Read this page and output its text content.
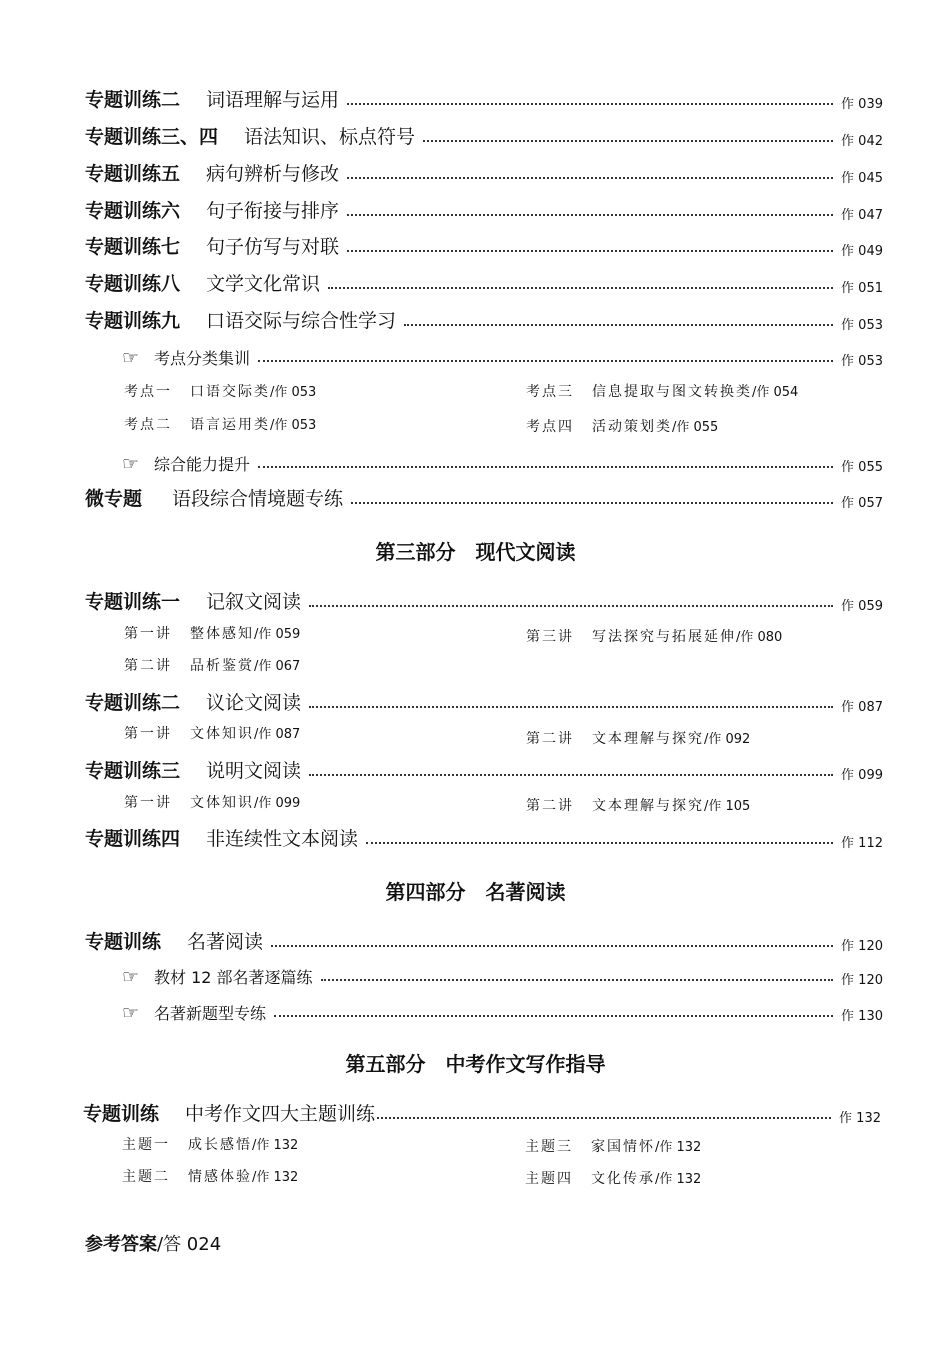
专题训练二 词语理解与运用	作 039
专题训练三、四 语法知识、标点符号	作 042
专题训练五 病句辨析与修改	作 045
专题训练六 句子衔接与排序	作 047
专题训练七 句子仿写与对联	作 049
专题训练八 文学文化常识	作 051
专题训练九 口语交际与综合性学习	作 053
☞ 考点分类集训	作 053
考点一 口语交际类/作 053
考点二 语言运用类/作 053
考点三 信息提取与图文转换类/作 054
考点四 活动策划类/作 055
☞ 综合能力提升	作 055
微专题 语段综合情境题专练	作 057
第三部分　现代文阅读
专题训练一 记叙文阅读	作 059
第一讲 整体感知/作 059	第三讲 写法探究与拓展延伸/作 080
第二讲 品析鉴赏/作 067
专题训练二 议论文阅读	作 087
第一讲 文体知识/作 087	第二讲 文本理解与探究/作 092
专题训练三 说明文阅读	作 099
第一讲 文体知识/作 099	第二讲 文本理解与探究/作 105
专题训练四 非连续性文本阅读	作 112
第四部分　名著阅读
专题训练 名著阅读	作 120
☞ 教材 12 部名著逐篇练	作 120
☞ 名著新题型专练	作 130
第五部分　中考作文写作指导
专题训练 中考作文四大主题训练	作 132
主题一 成长感悟/作 132
主题二 情感体验/作 132
主题三 家国情怀/作 132
主题四 文化传承/作 132
参考答案/答 024
